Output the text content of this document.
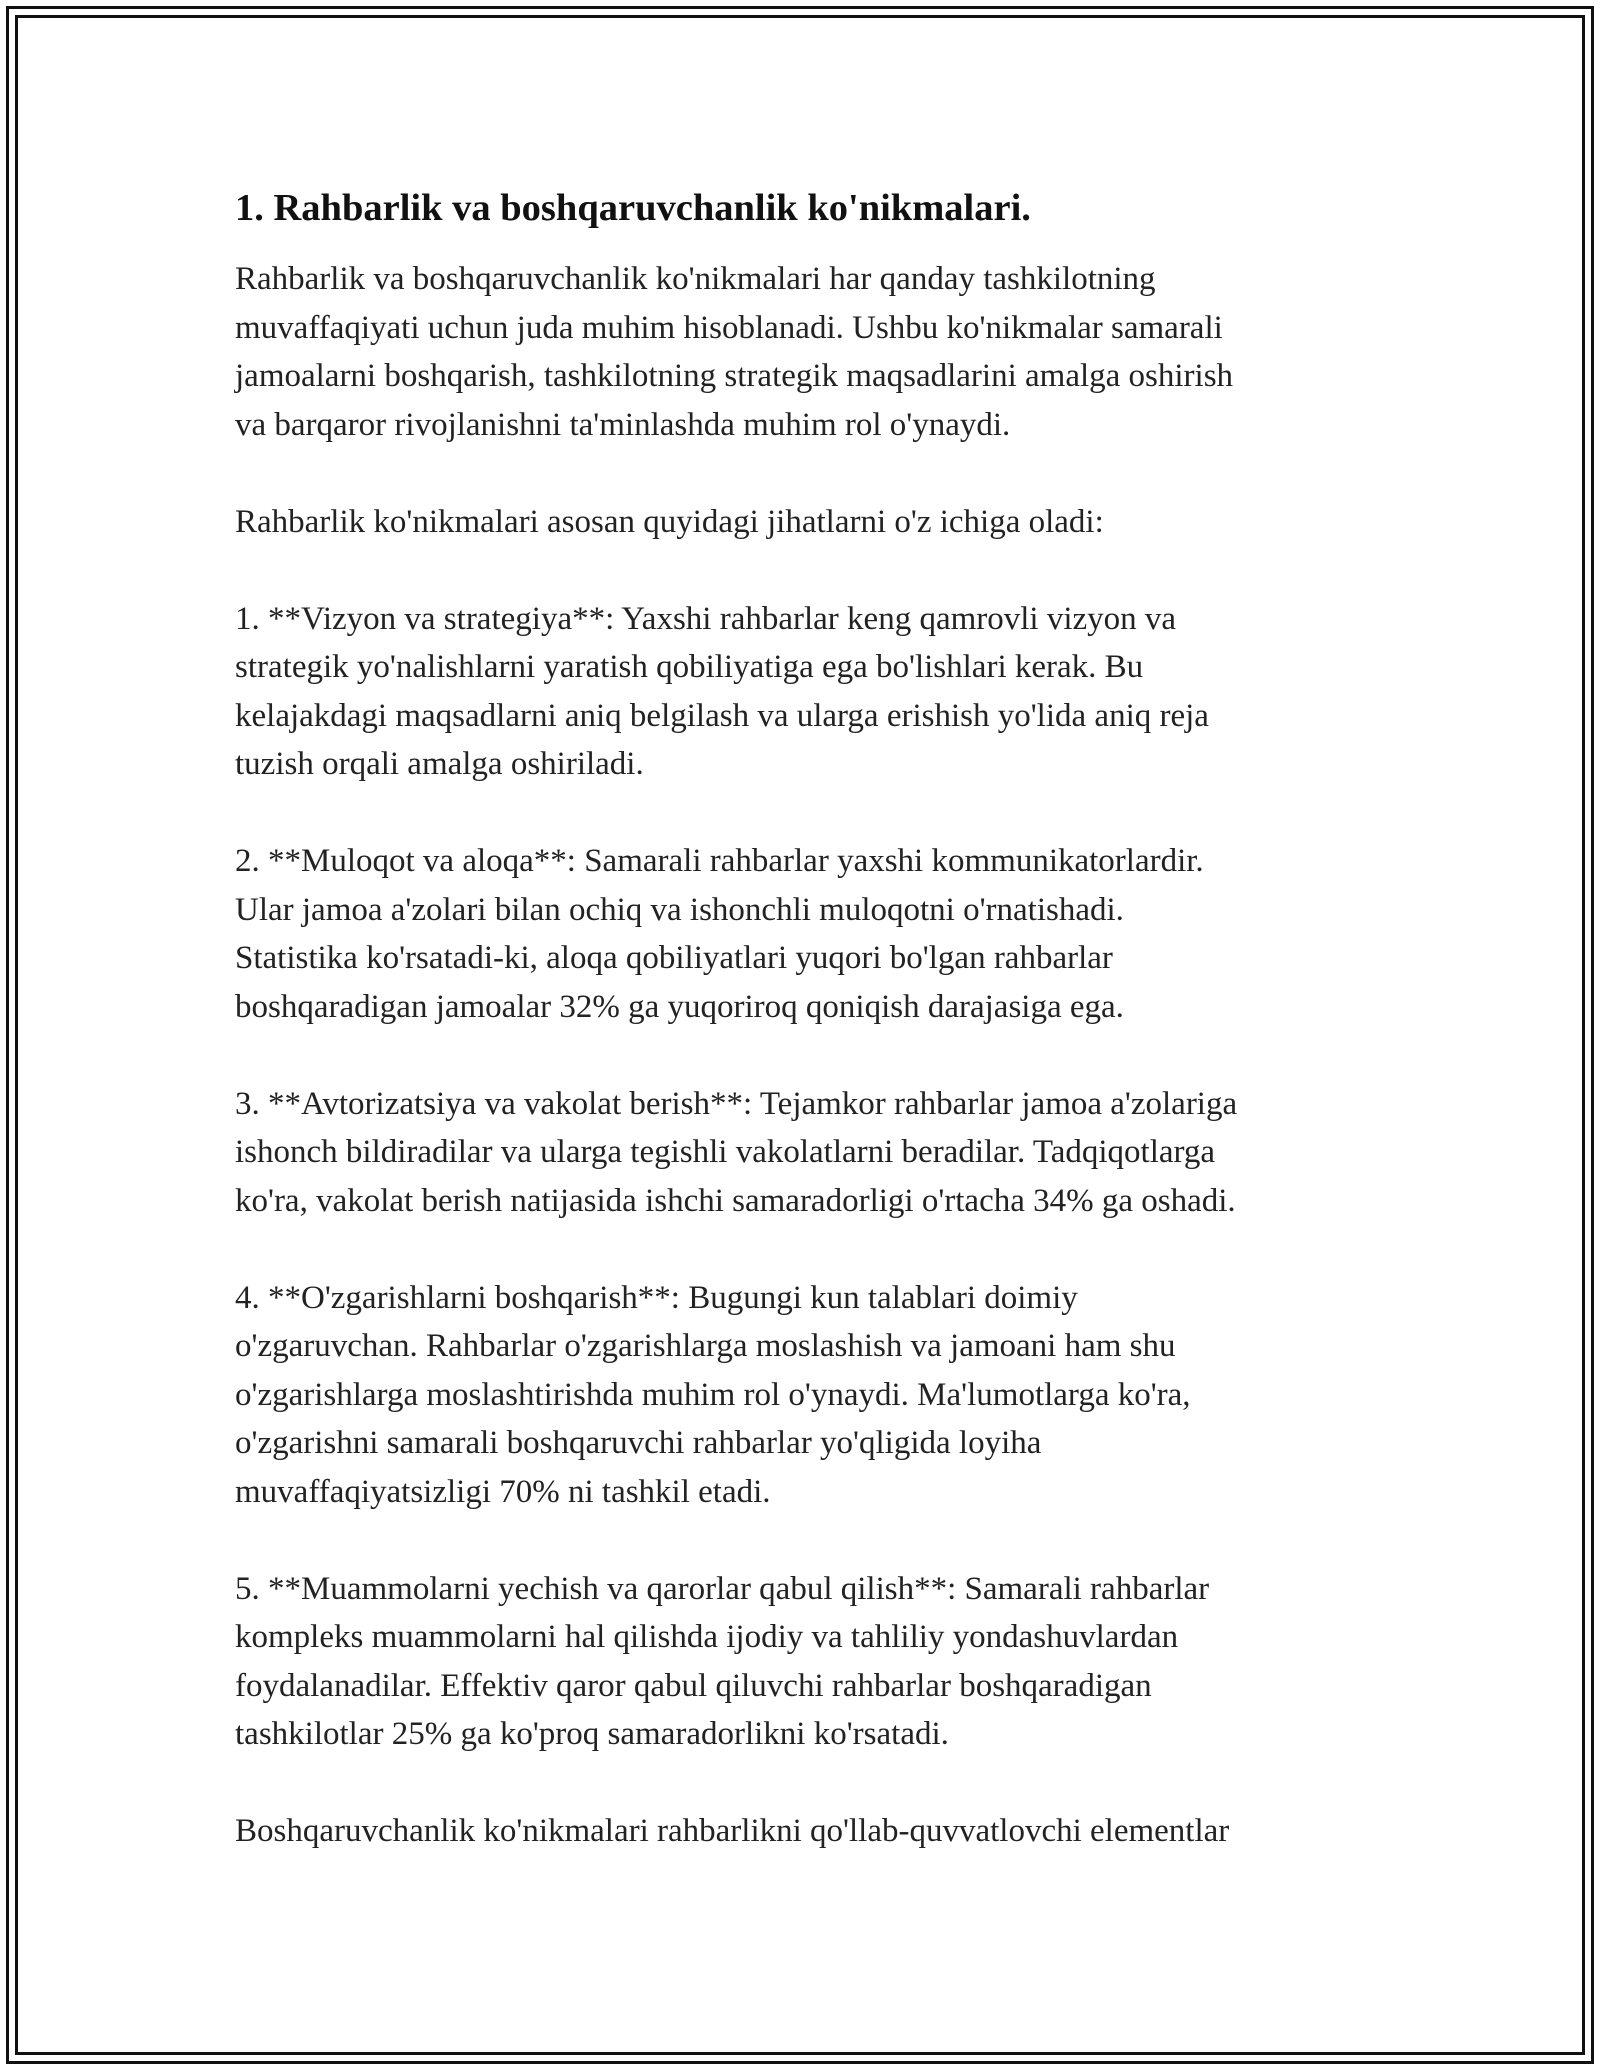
1. Rahbarlik va boshqaruvchanlik ko'nikmalari.
Rahbarlik va boshqaruvchanlik ko'nikmalari har qanday tashkilotning
muvaffaqiyati uchun juda muhim hisoblanadi. Ushbu ko'nikmalar samarali
jamoalarni boshqarish, tashkilotning strategik maqsadlarini amalga oshirish
va barqaror rivojlanishni ta'minlashda muhim rol o'ynaydi.
Rahbarlik ko'nikmalari asosan quyidagi jihatlarni o'z ichiga oladi:
1. **Vizyon va strategiya**: Yaxshi rahbarlar keng qamrovli vizyon va
strategik yo'nalishlarni yaratish qobiliyatiga ega bo'lishlari kerak. Bu
kelajakdagi maqsadlarni aniq belgilash va ularga erishish yo'lida aniq reja
tuzish orqali amalga oshiriladi.
2. **Muloqot va aloqa**: Samarali rahbarlar yaxshi kommunikatorlardir.
Ular jamoa a'zolari bilan ochiq va ishonchli muloqotni o'rnatishadi.
Statistika ko'rsatadi-ki, aloqa qobiliyatlari yuqori bo'lgan rahbarlar
boshqaradigan jamoalar 32% ga yuqoriroq qoniqish darajasiga ega.
3. **Avtorizatsiya va vakolat berish**: Tejamkor rahbarlar jamoa a'zolariga
ishonch bildiradilar va ularga tegishli vakolatlarni beradilar. Tadqiqotlarga
ko'ra, vakolat berish natijasida ishchi samaradorligi o'rtacha 34% ga oshadi.
4. **O'zgarishlarni boshqarish**: Bugungi kun talablari doimiy
o'zgaruvchan. Rahbarlar o'zgarishlarga moslashish va jamoani ham shu
o'zgarishlarga moslashtirishda muhim rol o'ynaydi. Ma'lumotlarga ko'ra,
o'zgarishni samarali boshqaruvchi rahbarlar yo'qligida loyiha
muvaffaqiyatsizligi 70% ni tashkil etadi.
5. **Muammolarni yechish va qarorlar qabul qilish**: Samarali rahbarlar
kompleks muammolarni hal qilishda ijodiy va tahliliy yondashuvlardan
foydalanadilar. Effektiv qaror qabul qiluvchi rahbarlar boshqaradigan
tashkilotlar 25% ga ko'proq samaradorlikni ko'rsatadi.
Boshqaruvchanlik ko'nikmalari rahbarlikni qo'llab-quvvatlovchi elementlar
